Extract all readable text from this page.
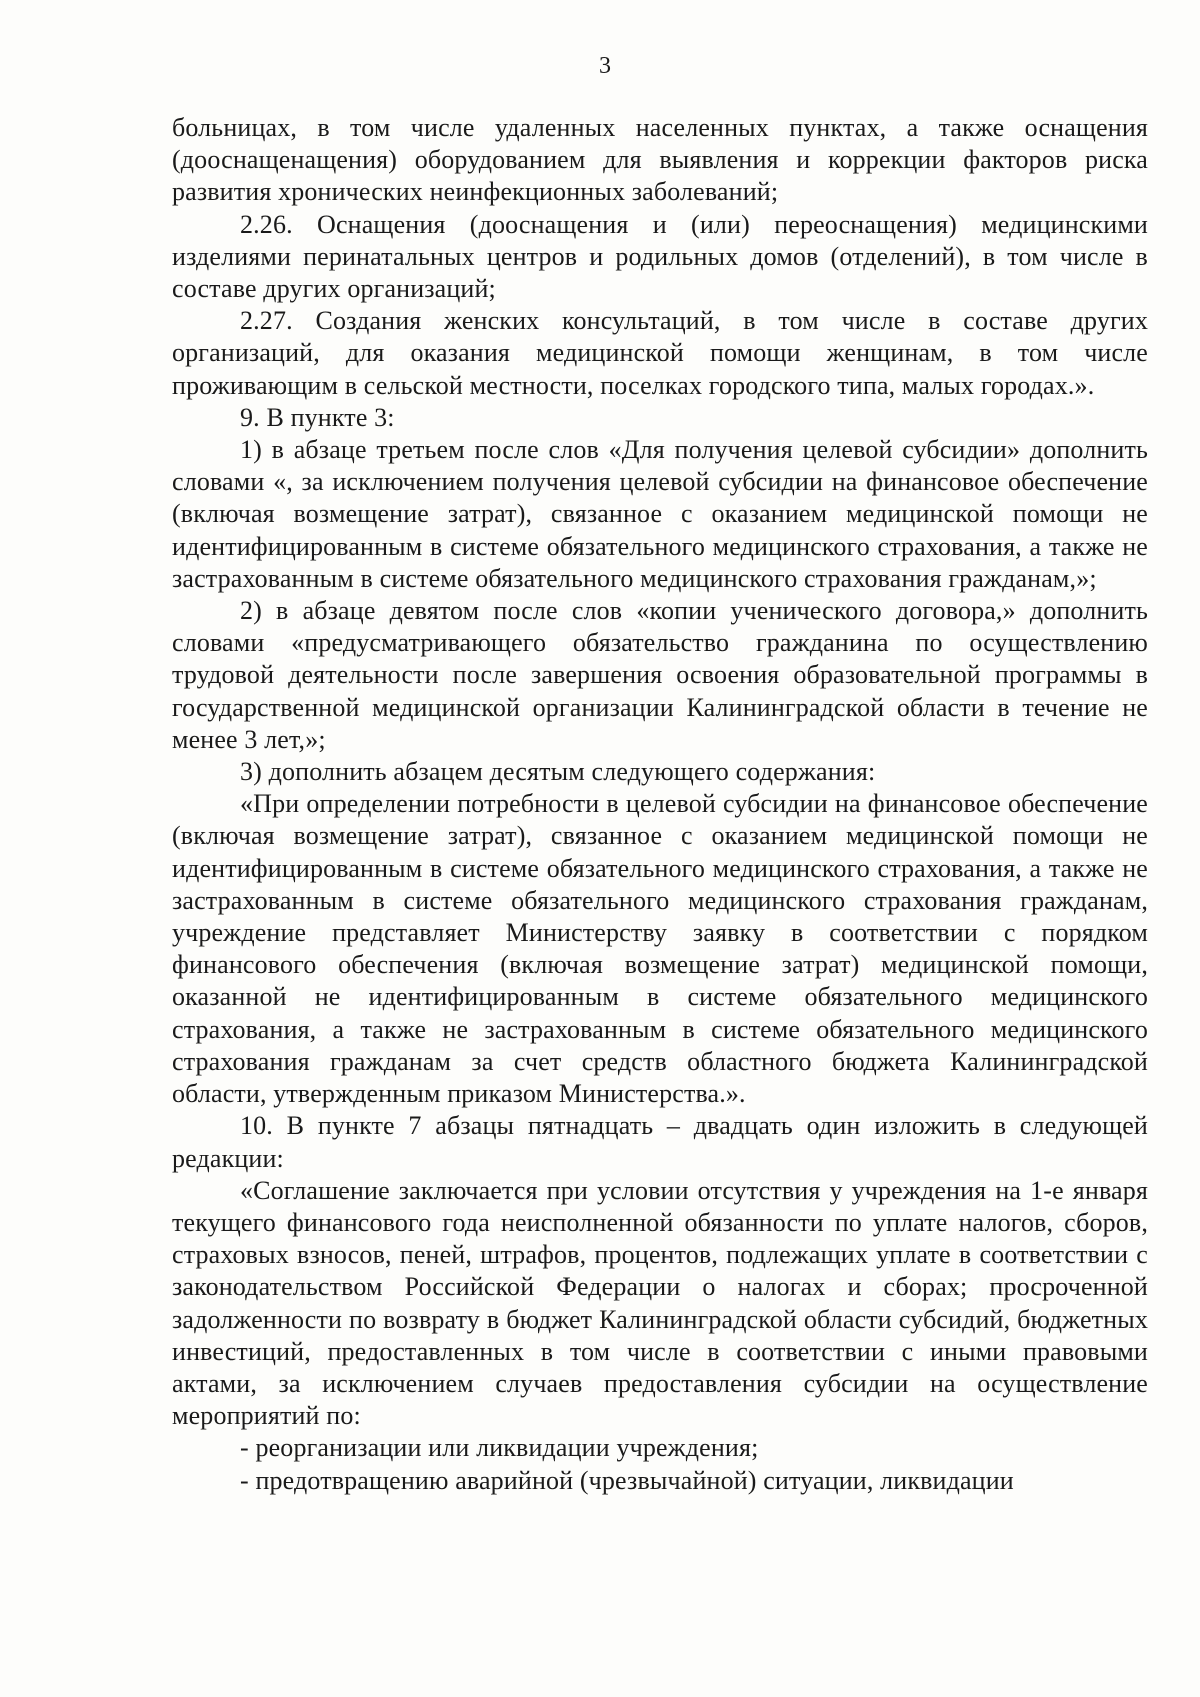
3

больницах, в том числе удаленных населенных пунктах, а также оснащения (дооснащенащения) оборудованием для выявления и коррекции факторов риска развития хронических неинфекционных заболеваний;

2.26. Оснащения (дооснащения и (или) переоснащения) медицинскими изделиями перинатальных центров и родильных домов (отделений), в том числе в составе других организаций;

2.27. Создания женских консультаций, в том числе в составе других организаций, для оказания медицинской помощи женщинам, в том числе проживающим в сельской местности, поселках городского типа, малых городах.».

9. В пункте 3:

1) в абзаце третьем после слов «Для получения целевой субсидии» дополнить словами «, за исключением получения целевой субсидии на финансовое обеспечение (включая возмещение затрат), связанное с оказанием медицинской помощи не идентифицированным в системе обязательного медицинского страхования, а также не застрахованным в системе обязательного медицинского страхования гражданам,»;

2) в абзаце девятом после слов «копии ученического договора,» дополнить словами «предусматривающего обязательство гражданина по осуществлению трудовой деятельности после завершения освоения образовательной программы в государственной медицинской организации Калининградской области в течение не менее 3 лет,»;

3) дополнить абзацем десятым следующего содержания:

«При определении потребности в целевой субсидии на финансовое обеспечение (включая возмещение затрат), связанное с оказанием медицинской помощи не идентифицированным в системе обязательного медицинского страхования, а также не застрахованным в системе обязательного медицинского страхования гражданам, учреждение представляет Министерству заявку в соответствии с порядком финансового обеспечения (включая возмещение затрат) медицинской помощи, оказанной не идентифицированным в системе обязательного медицинского страхования, а также не застрахованным в системе обязательного медицинского страхования гражданам за счет средств областного бюджета Калининградской области, утвержденным приказом Министерства.».

10. В пункте 7 абзацы пятнадцать – двадцать один изложить в следующей редакции:

«Соглашение заключается при условии отсутствия у учреждения на 1-е января текущего финансового года неисполненной обязанности по уплате налогов, сборов, страховых взносов, пеней, штрафов, процентов, подлежащих уплате в соответствии с законодательством Российской Федерации о налогах и сборах; просроченной задолженности по возврату в бюджет Калининградской области субсидий, бюджетных инвестиций, предоставленных в том числе в соответствии с иными правовыми актами, за исключением случаев предоставления субсидии на осуществление мероприятий по:

- реорганизации или ликвидации учреждения;

- предотвращению аварийной (чрезвычайной) ситуации, ликвидации
